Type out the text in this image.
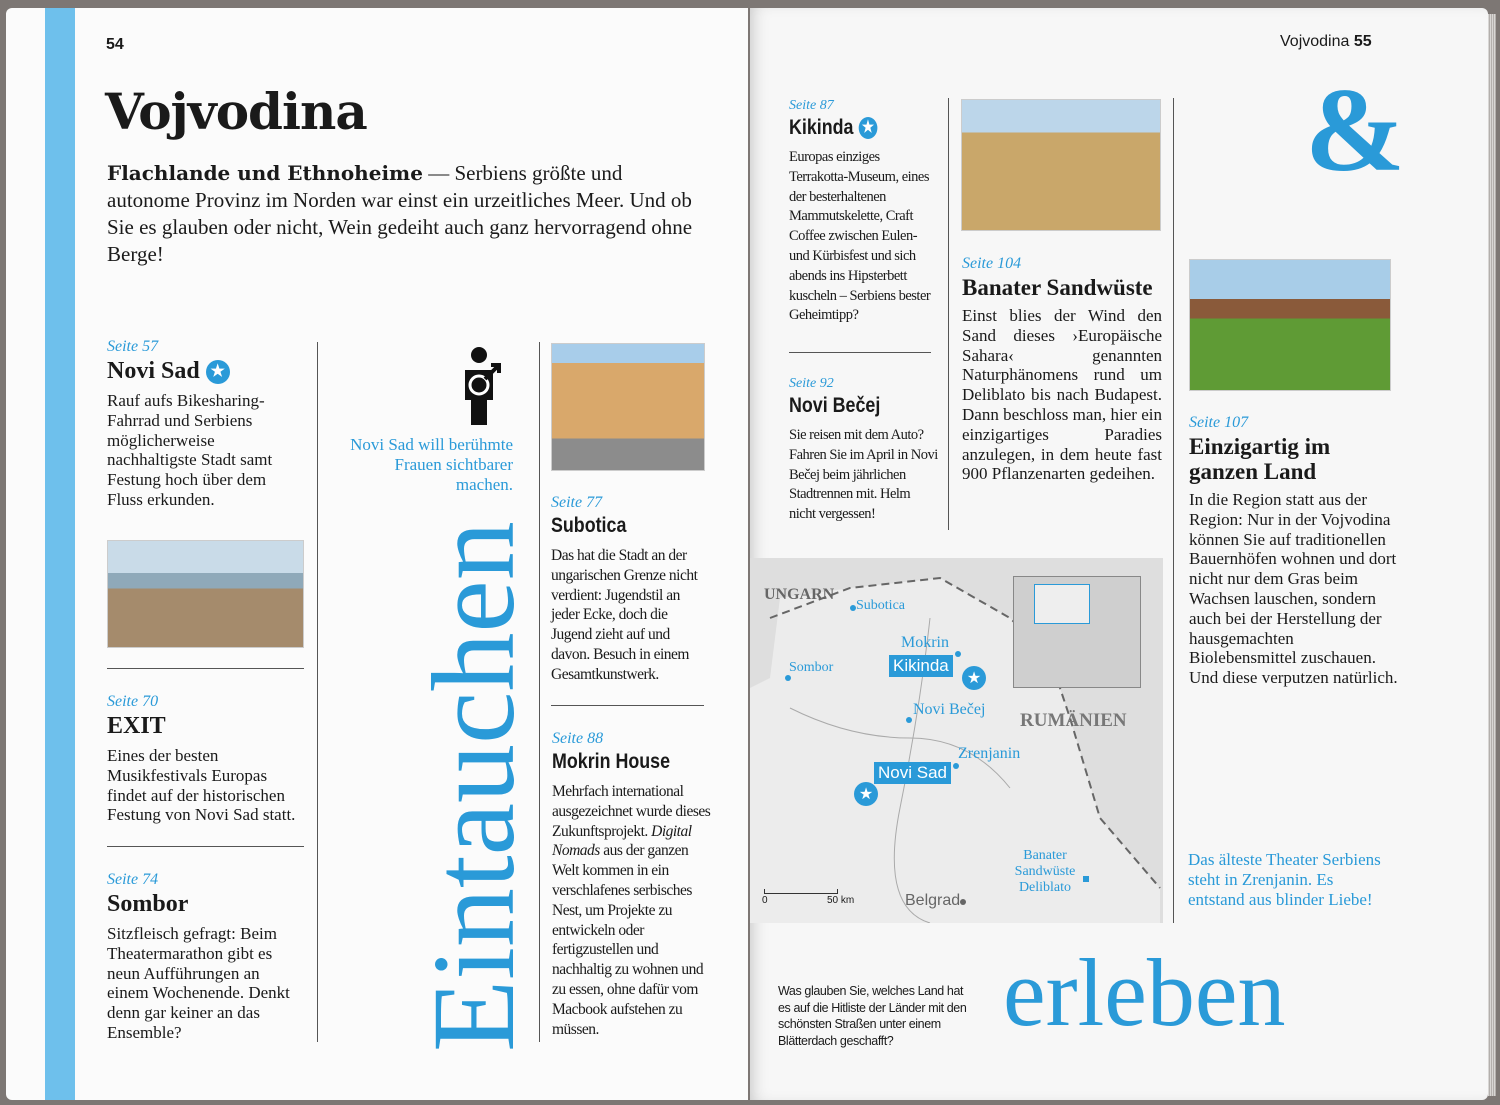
54
Vojvodina
Flachlande und Ethnoheime — Serbiens größte und autonome Provinz im Norden war einst ein urzeitliches Meer. Und ob Sie es glauben oder nicht, Wein gedeiht auch ganz hervorragend ohne Berge!
Seite 57
Novi Sad ★
Rauf aufs Bikesharing-Fahrrad und Serbiens möglicherweise nachhaltigste Stadt samt Festung hoch über dem Fluss erkunden.
Seite 70
EXIT
Eines der besten Musikfestivals Europas findet auf der historischen Festung von Novi Sad statt.
Seite 74
Sombor
Sitzfleisch gefragt: Beim Theatermarathon gibt es neun Aufführungen an einem Wochenende. Denkt denn gar keiner an das Ensemble?
Novi Sad will berühmte Frauen sichtbarer machen.
Eintauchen
Seite 77
Subotica
Das hat die Stadt an der ungarischen Grenze nicht verdient: Jugendstil an jeder Ecke, doch die Jugend zieht auf und davon. Besuch in einem Gesamtkunstwerk.
Seite 88
Mokrin House
Mehrfach international ausgezeichnet wurde dieses Zukunftsprojekt. Digital Nomads aus der ganzen Welt kommen in ein verschlafenes serbisches Nest, um Projekte zu entwickeln oder fertigzustellen und nachhaltig zu wohnen und zu essen, ohne dafür vom Macbook aufstehen zu müssen.
Vojvodina 55
Seite 87
Kikinda ★
Europas einziges Terrakotta-Museum, eines der besterhaltenen Mammutskelette, Craft Coffee zwischen Eulen- und Kürbisfest und sich abends ins Hipsterbett kuscheln – Serbiens bester Geheimtipp?
Seite 92
Novi Bečej
Sie reisen mit dem Auto? Fahren Sie im April in Novi Bečej beim jährlichen Stadtrennen mit. Helm nicht vergessen!
Seite 104
Banater Sandwüste
Einst blies der Wind den Sand dieses ›Europäische Sahara‹ genannten Naturphänomens rund um Deliblato bis nach Budapest. Dann beschloss man, hier ein einzigartiges Paradies anzulegen, in dem heute fast 900 Pflanzenarten gedeihen.
&
Seite 107
Einzigartig im ganzen Land
In die Region statt aus der Region: Nur in der Vojvodina können Sie auf traditionellen Bauernhöfen wohnen und dort nicht nur dem Gras beim Wachsen lauschen, sondern auch bei der Herstellung der hausgemachten Biolebensmittel zuschauen. Und diese verputzen natürlich.
Das älteste Theater Serbiens steht in Zrenjanin. Es entstand aus blinder Liebe!
UNGARN
RUMÄNIEN
Subotica
Mokrin
Sombor
Novi Bečej
Zrenjanin
Belgrad
Kikinda
★
Novi Sad
★
Banater Sandwüste Deliblato
0	50 km
Was glauben Sie, welches Land hat es auf die Hitliste der Länder mit den schönsten Straßen unter einem Blätterdach geschafft?	erleben
